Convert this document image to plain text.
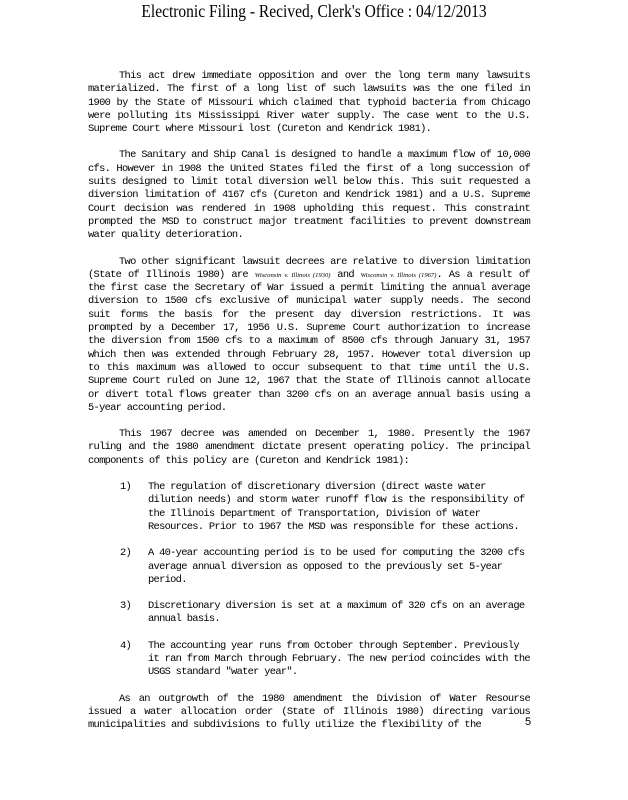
Electronic Filing - Recived, Clerk's Office : 04/12/2013

This act drew immediate opposition and over the long term many lawsuits materialized. The first of a long list of such lawsuits was the one filed in 1900 by the State of Missouri which claimed that typhoid bacteria from Chicago were polluting its Mississippi River water supply. The case went to the U.S. Supreme Court where Missouri lost (Cureton and Kendrick 1981).

The Sanitary and Ship Canal is designed to handle a maximum flow of 10,000 cfs. However in 1908 the United States filed the first of a long succession of suits designed to limit total diversion well below this. This suit requested a diversion limitation of 4167 cfs (Cureton and Kendrick 1981) and a U.S. Supreme Court decision was rendered in 1908 upholding this request. This constraint prompted the MSD to construct major treatment facilities to prevent downstream water quality deterioration.

Two other significant lawsuit decrees are relative to diversion limitation (State of Illinois 1980) are Wisconsin v. Illinois (1930) and Wisconsin v. Illinois (1967). As a result of the first case the Secretary of War issued a permit limiting the annual average diversion to 1500 cfs exclusive of municipal water supply needs. The second suit forms the basis for the present day diversion restrictions. It was prompted by a December 17, 1956 U.S. Supreme Court authorization to increase the diversion from 1500 cfs to a maximum of 8500 cfs through January 31, 1957 which then was extended through February 28, 1957. However total diversion up to this maximum was allowed to occur subsequent to that time until the U.S. Supreme Court ruled on June 12, 1967 that the State of Illinois cannot allocate or divert total flows greater than 3200 cfs on an average annual basis using a 5-year accounting period.

This 1967 decree was amended on December 1, 1980. Presently the 1967 ruling and the 1980 amendment dictate present operating policy. The principal components of this policy are (Cureton and Kendrick 1981):

1) The regulation of discretionary diversion (direct waste water dilution needs) and storm water runoff flow is the responsibility of the Illinois Department of Transportation, Division of Water Resources. Prior to 1967 the MSD was responsible for these actions.
2) A 40-year accounting period is to be used for computing the 3200 cfs average annual diversion as opposed to the previously set 5-year period.
3) Discretionary diversion is set at a maximum of 320 cfs on an average annual basis.
4) The accounting year runs from October through September. Previously it ran from March through February. The new period coincides with the USGS standard "water year".

As an outgrowth of the 1980 amendment the Division of Water Resourse issued a water allocation order (State of Illinois 1980) directing various municipalities and subdivisions to fully utilize the flexibility of the	5
